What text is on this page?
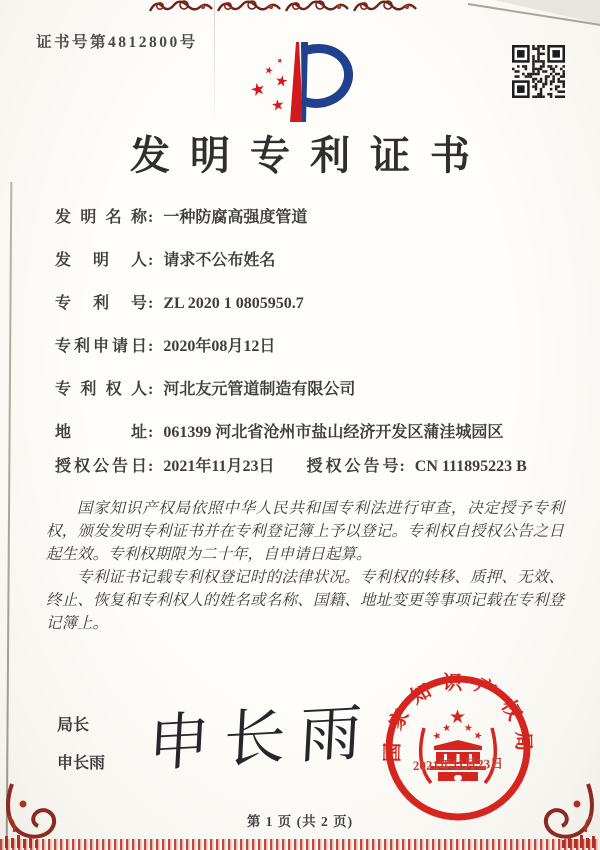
证书号第4812800号
★
★
★
★
★
发明专利证书
发明名称: 一种防腐高强度管道
发明人: 请求不公布姓名
专利号: ZL 2020 1 0805950.7
专利申请日: 2020年08月12日
专利权人: 河北友元管道制造有限公司
地址: 061399 河北省沧州市盐山经济开发区蒲洼城园区
授权公告日: 2021年11月23日 授权公告号: CN 111895223 B

国家知识产权局依照中华人民共和国专利法进行审查，决定授予专利权，颁发发明专利证书并在专利登记簿上予以登记。专利权自授权公告之日起生效。专利权期限为二十年，自申请日起算。

专利证书记载专利权登记时的法律状况。专利权的转移、质押、无效、终止、恢复和专利权人的姓名或名称、国籍、地址变更等事项记载在专利登记簿上。

局长
申长雨 申长雨 国家知识产权局
★
★
★ ★
★
2021年11月23日
第 1 页 (共 2 页)
